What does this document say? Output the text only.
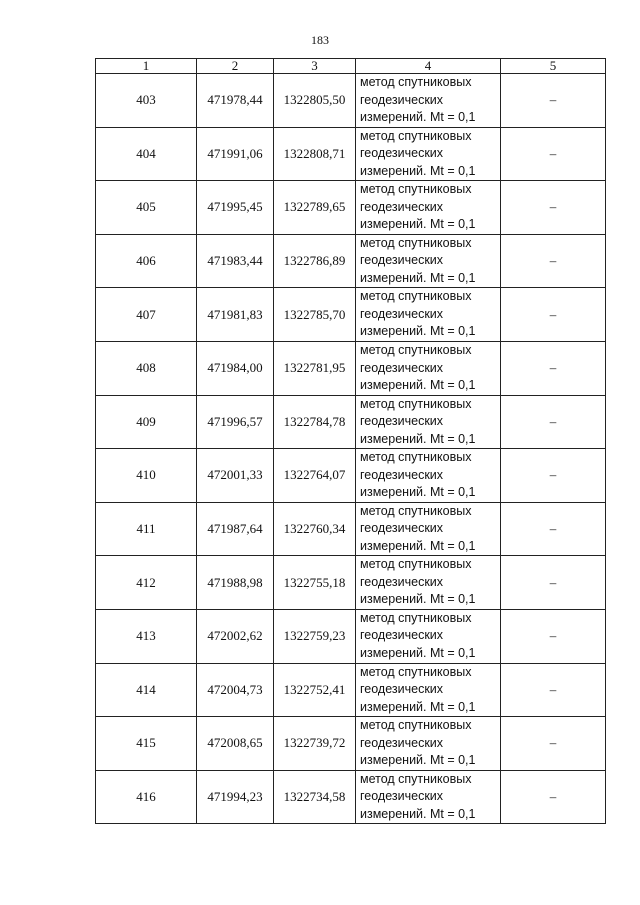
183
1	2	3	4	5
403	471978,44	1322805,50	метод спутниковых
геодезических
измерений. Mt = 0,1	–
404	471991,06	1322808,71	метод спутниковых
геодезических
измерений. Mt = 0,1	–
405	471995,45	1322789,65	метод спутниковых
геодезических
измерений. Mt = 0,1	–
406	471983,44	1322786,89	метод спутниковых
геодезических
измерений. Mt = 0,1	–
407	471981,83	1322785,70	метод спутниковых
геодезических
измерений. Mt = 0,1	–
408	471984,00	1322781,95	метод спутниковых
геодезических
измерений. Mt = 0,1	–
409	471996,57	1322784,78	метод спутниковых
геодезических
измерений. Mt = 0,1	–
410	472001,33	1322764,07	метод спутниковых
геодезических
измерений. Mt = 0,1	–
411	471987,64	1322760,34	метод спутниковых
геодезических
измерений. Mt = 0,1	–
412	471988,98	1322755,18	метод спутниковых
геодезических
измерений. Mt = 0,1	–
413	472002,62	1322759,23	метод спутниковых
геодезических
измерений. Mt = 0,1	–
414	472004,73	1322752,41	метод спутниковых
геодезических
измерений. Mt = 0,1	–
415	472008,65	1322739,72	метод спутниковых
геодезических
измерений. Mt = 0,1	–
416	471994,23	1322734,58	метод спутниковых
геодезических
измерений. Mt = 0,1	–
